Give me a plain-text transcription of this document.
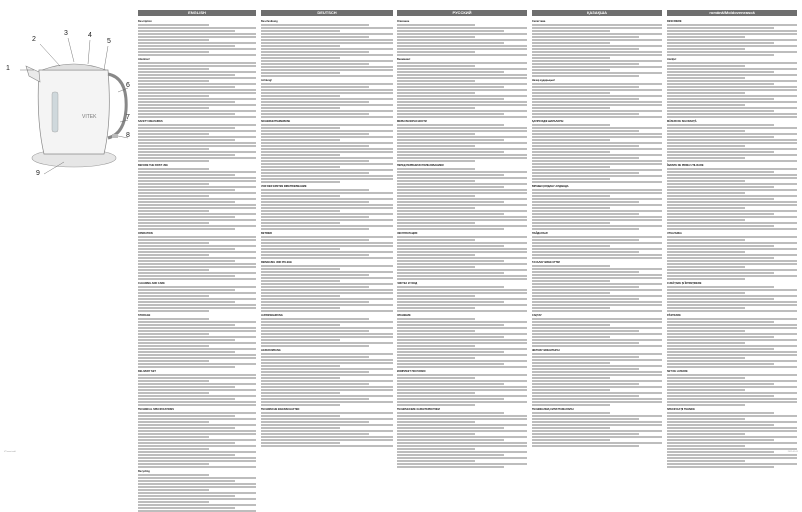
VITEK
1
2
3	4
5
6
7
8
9
ENGLISH
Description
Attention!
SAFETY MEASURES
BEFORE THE FIRST USE
OPERATION
CLEANING AND CARE
STORAGE
DELIVERY SET
TECHNICAL SPECIFICATIONS
Recycling
DEUTSCH
Beschreibung
Achtung!
SICHERHEITSHINWEISE
VOR DER ERSTEN INBETRIEBNAHME
BETRIEB
REINIGUNG UND PFLEGE
AUFBEWAHRUNG
LIEFERUMFANG
TECHNISCHE EIGENSCHAFTEN
РУССКИЙ
Описание
Внимание!
МЕРЫ БЕЗОПАСНОСТИ
ПЕРЕД ПЕРВЫМ ИСПОЛЬЗОВАНИЕМ
ЭКСПЛУАТАЦИЯ
ЧИСТКА И УХОД
ХРАНЕНИЕ
КОМПЛЕКТ ПОСТАВКИ
ТЕХНИЧЕСКИЕ ХАРАКТЕРИСТИКИ
ҚАЗАҚША
Сипаттама
Назар аударыңыз!
ҚАУІПСІЗДІК ШАРАЛАРЫ
БІРІНШІ ҚОЛДАНУ АЛДЫНДА
ПАЙДАЛАНУ
ТАЗАЛАУ ЖӘНЕ КҮТІМ
САҚТАУ
ЖЕТКІЗУ ЖИЫНТЫҒЫ
ТЕХНИКАЛЫҚ СИПАТТАМАЛАРЫ
română/Moldovenească
DESCRIERE
Atenţie!
MĂSURI DE SIGURANŢĂ
ÎNAINTE DE PRIMA UTILIZARE
UTILIZAREA
CURĂŢARE ŞI ÎNTREŢINERE
PĂSTRARE
SET DE LIVRARE
SPECIFICAŢII TEHNICE
VT-xxxx.indd	2015-01-01
